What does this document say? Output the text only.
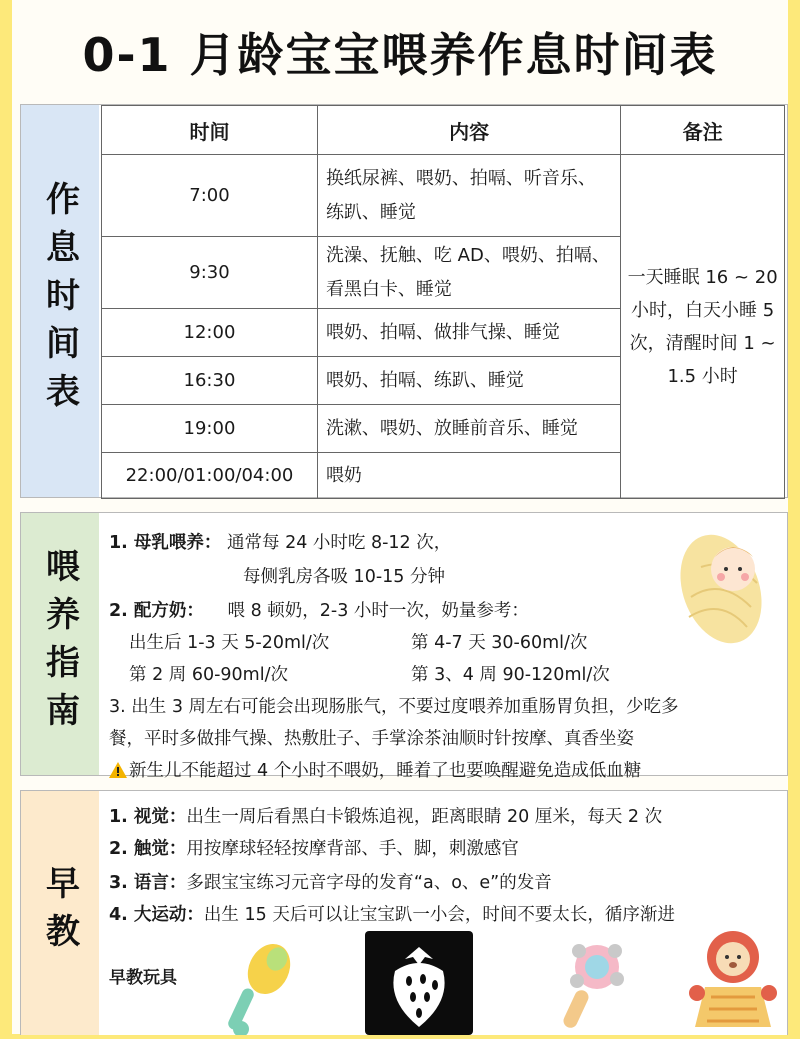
0-1 月龄宝宝喂养作息时间表
作息时间表
时间	内容	备注
7:00	换纸尿裤、喂奶、拍嗝、听音乐、练趴、睡觉	一天睡眠 16 ~ 20 小时，白天小睡 5 次，清醒时间 1 ~ 1.5 小时
9:30	洗澡、抚触、吃 AD、喂奶、拍嗝、看黑白卡、睡觉	
12:00	喂奶、拍嗝、做排气操、睡觉	
16:30	喂奶、拍嗝、练趴、睡觉	
19:00	洗漱、喂奶、放睡前音乐、睡觉	
22:00/01:00/04:00	喂奶	
喂养指南
1. 母乳喂养： 通常每 24 小时吃 8-12 次，
每侧乳房各吸 10-15 分钟
2. 配方奶： 喂 8 顿奶，2-3 小时一次，奶量参考：
出生后 1-3 天 5-20ml/次	第 4-7 天 30-60ml/次
第 2 周 60-90ml/次	第 3、4 周 90-120ml/次
3. 出生 3 周左右可能会出现肠胀气，不要过度喂养加重肠胃负担，少吃多
餐，平时多做排气操、热敷肚子、手掌涂茶油顺时针按摩、真香坐姿
新生儿不能超过 4 个小时不喂奶，睡着了也要唤醒避免造成低血糖
早教
1. 视觉：出生一周后看黑白卡锻炼追视，距离眼睛 20 厘米，每天 2 次
2. 触觉：用按摩球轻轻按摩背部、手、脚，刺激感官
3. 语言：多跟宝宝练习元音字母的发育“a、o、e”的发音
4. 大运动：出生 15 天后可以让宝宝趴一小会，时间不要太长，循序渐进
早教玩具
